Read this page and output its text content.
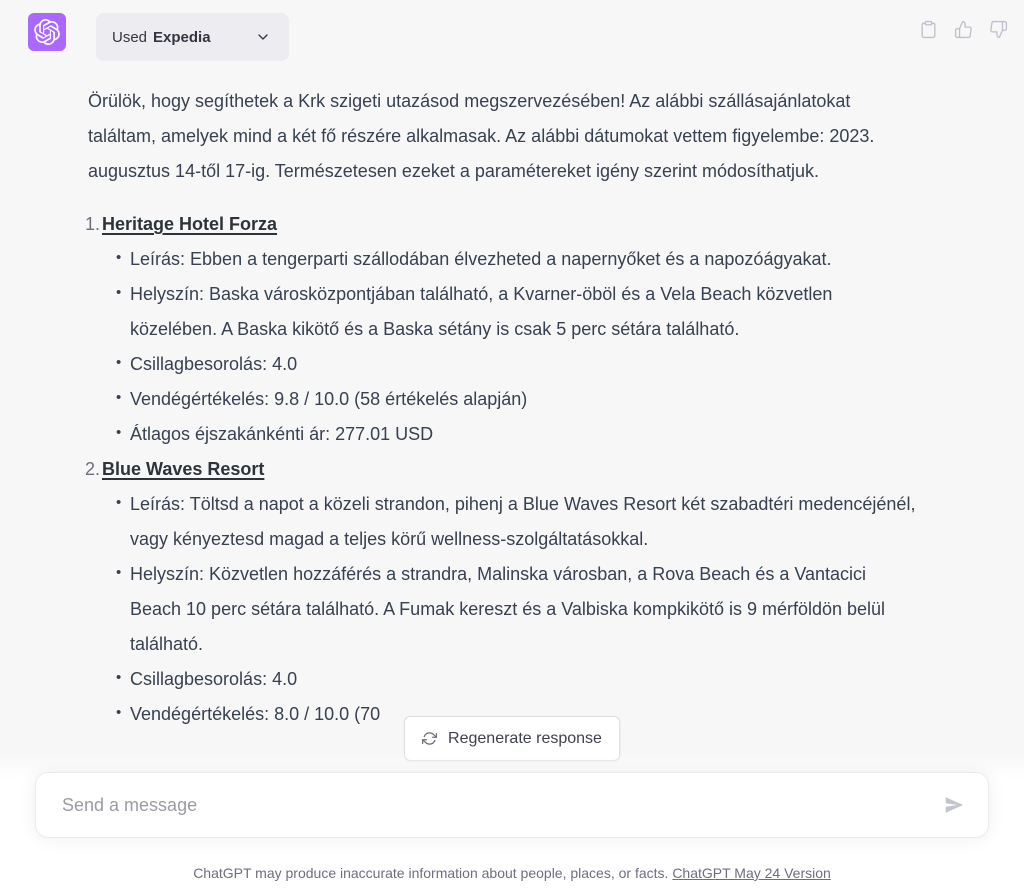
Used Expedia

Örülök, hogy segíthetek a Krk szigeti utazásod megszervezésében! Az alábbi szállásajánlatokat találtam, amelyek mind a két fő részére alkalmasak. Az alábbi dátumokat vettem figyelembe: 2023. augusztus 14-től 17-ig. Természetesen ezeket a paramétereket igény szerint módosíthatjuk.

1. Heritage Hotel Forza
• Leírás: Ebben a tengerparti szállodában élvezheted a napernyőket és a napozóágyakat.
• Helyszín: Baska városközpontjában található, a Kvarner-öböl és a Vela Beach közvetlen közelében. A Baska kikötő és a Baska sétány is csak 5 perc sétára található.
• Csillagbesorolás: 4.0
• Vendégértékelés: 9.8 / 10.0 (58 értékelés alapján)
• Átlagos éjszakánkénti ár: 277.01 USD
2. Blue Waves Resort
• Leírás: Töltsd a napot a közeli strandon, pihenj a Blue Waves Resort két szabadtéri medencéjénél, vagy kényeztesd magad a teljes körű wellness-szolgáltatásokkal.
• Helyszín: Közvetlen hozzáférés a strandra, Malinska városban, a Rova Beach és a Vantacici Beach 10 perc sétára található. A Fumak kereszt és a Valbiska kompkikötő is 9 mérföldön belül található.
• Csillagbesorolás: 4.0
• Vendégértékelés: 8.0 / 10.0 (70
Regenerate response
Send a message
ChatGPT may produce inaccurate information about people, places, or facts. ChatGPT May 24 Version
